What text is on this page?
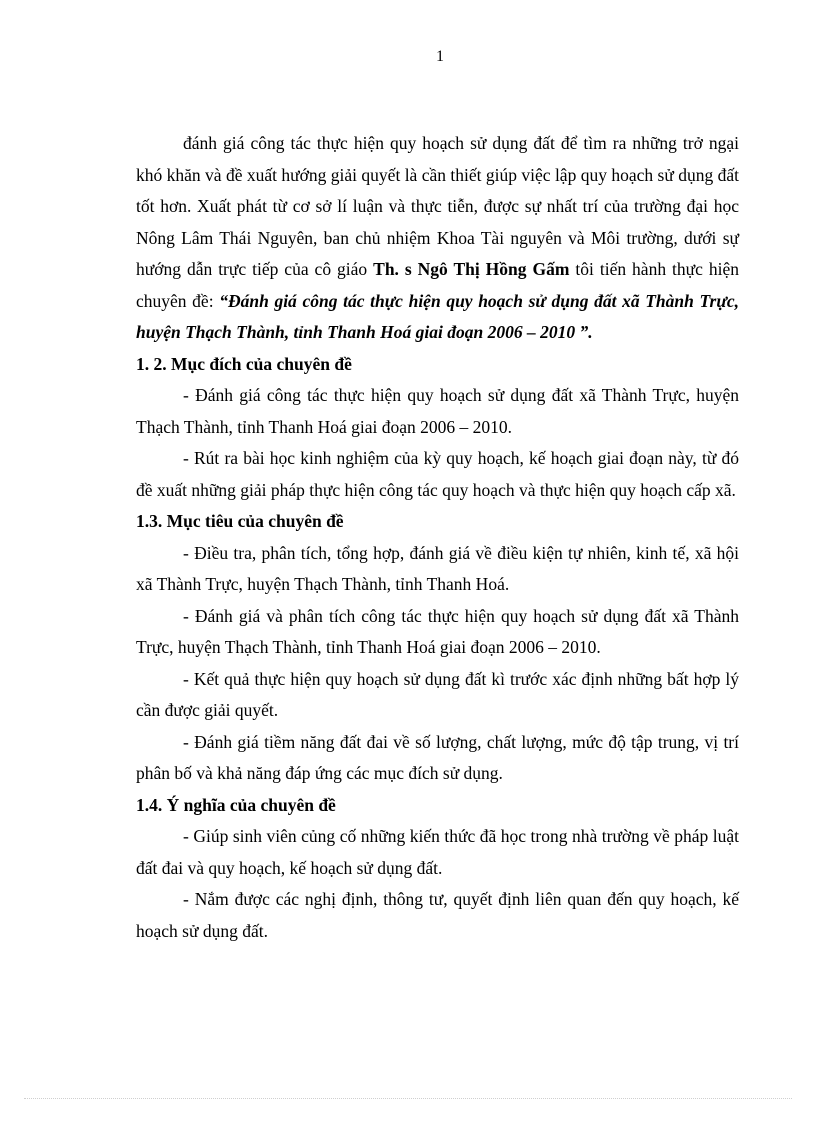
1

đánh giá công tác thực hiện quy hoạch sử dụng đất để tìm ra những trở ngại khó khăn và đề xuất hướng giải quyết là cần thiết giúp việc lập quy hoạch sử dụng đất tốt hơn. Xuất phát từ cơ sở lí luận và thực tiễn, được sự nhất trí của trường đại học Nông Lâm Thái Nguyên, ban chủ nhiệm Khoa Tài nguyên và Môi trường, dưới sự hướng dẫn trực tiếp của cô giáo Th. s Ngô Thị Hồng Gấm tôi tiến hành thực hiện chuyên đề: “Đánh giá công tác thực hiện quy hoạch sử dụng đất xã Thành Trực, huyện Thạch Thành, tỉnh Thanh Hoá giai đoạn 2006 – 2010 ”.

1. 2. Mục đích của chuyên đề

- Đánh giá công tác thực hiện quy hoạch sử dụng đất xã Thành Trực, huyện Thạch Thành, tỉnh Thanh Hoá giai đoạn 2006 – 2010.

- Rút ra bài học kinh nghiệm của kỳ quy hoạch, kế hoạch giai đoạn này, từ đó đề xuất những giải pháp thực hiện công tác quy hoạch và thực hiện quy hoạch cấp xã.

1.3. Mục tiêu của chuyên đề

- Điều tra, phân tích, tổng hợp, đánh giá về điều kiện tự nhiên, kinh tế, xã hội xã Thành Trực, huyện Thạch Thành, tỉnh Thanh Hoá.

- Đánh giá và phân tích công tác thực hiện quy hoạch sử dụng đất xã Thành Trực, huyện Thạch Thành, tỉnh Thanh Hoá giai đoạn 2006 – 2010.

- Kết quả thực hiện quy hoạch sử dụng đất kì trước xác định những bất hợp lý cần được giải quyết.

- Đánh giá tiềm năng đất đai về số lượng, chất lượng, mức độ tập trung, vị trí phân bố và khả năng đáp ứng các mục đích sử dụng.

1.4. Ý nghĩa của chuyên đề

- Giúp sinh viên củng cố những kiến thức đã học trong nhà trường về pháp luật đất đai và quy hoạch, kế hoạch sử dụng đất.

- Nắm được các nghị định, thông tư, quyết định liên quan đến quy hoạch, kế hoạch sử dụng đất.
